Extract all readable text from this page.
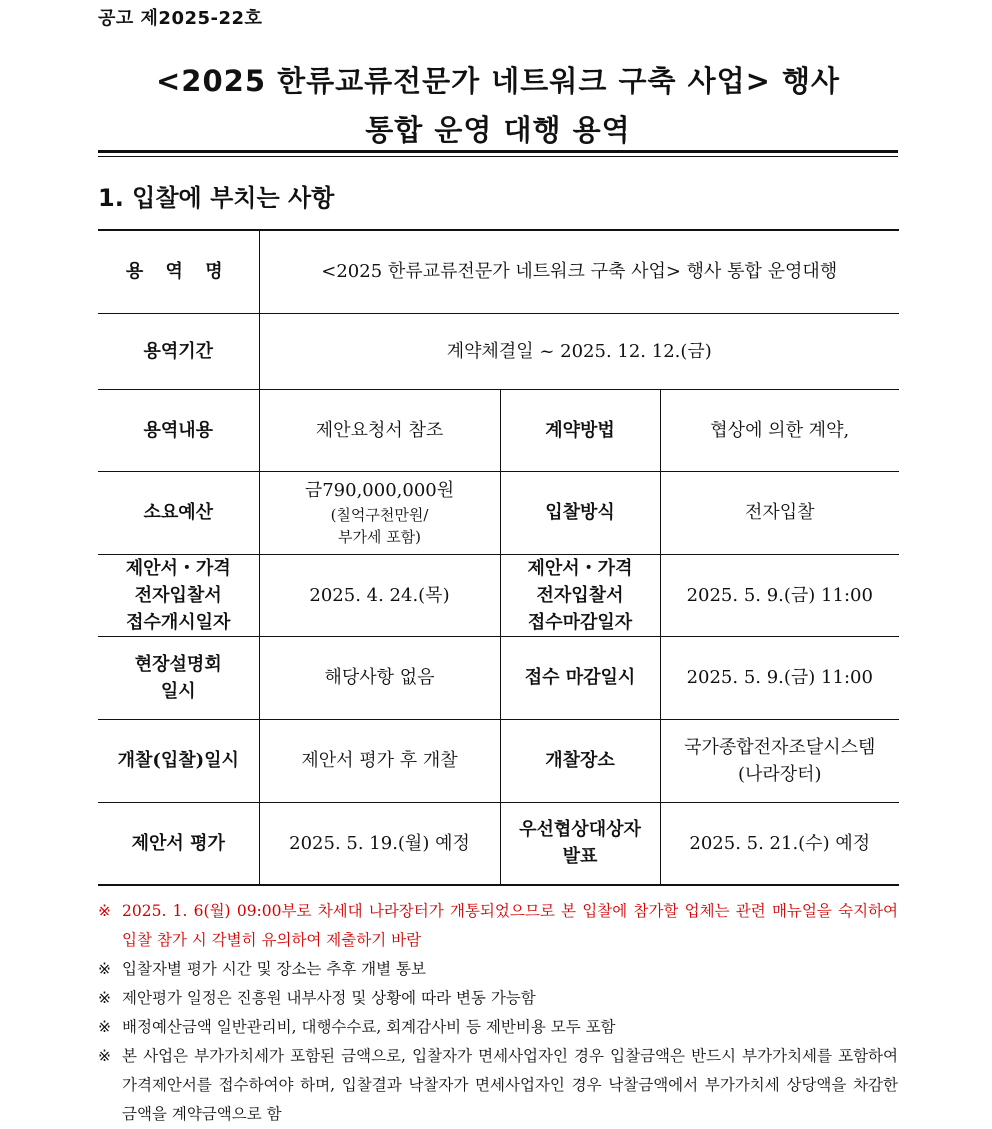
공고 제2025-22호
<2025 한류교류전문가 네트워크 구축 사업> 행사
통합 운영 대행 용역
1. 입찰에 부치는 사항
용 역 명	<2025 한류교류전문가 네트워크 구축 사업> 행사 통합 운영대행		
용역기간	계약체결일 ~ 2025. 12. 12.(금)		
용역내용	제안요청서 참조	계약방법	협상에 의한 계약,
소요예산	금790,000,000원
(칠억구천만원/
부가세 포함)	입찰방식	전자입찰

제안서・가격
전자입찰서
접수개시일자	2025. 4. 24.(목)	제안서・가격
전자입찰서
접수마감일자	2025. 5. 9.(금) 11:00

현장설명회
일시	해당사항 없음	접수 마감일시	2025. 5. 9.(금) 11:00
개찰(입찰)일시	제안서 평가 후 개찰	개찰장소	국가종합전자조달시스템
(나라장터)

제안서 평가	2025. 5. 19.(월) 예정	우선협상대상자
발표	2025. 5. 21.(수) 예정
※ 2025. 1. 6(월) 09:00부로 차세대 나라장터가 개통되었으므로 본 입찰에 참가할 업체는 관련 매뉴얼을 숙지하여 입찰 참가 시 각별히 유의하여 제출하기 바람
※ 입찰자별 평가 시간 및 장소는 추후 개별 통보
※ 제안평가 일정은 진흥원 내부사정 및 상황에 따라 변동 가능함
※ 배정예산금액 일반관리비, 대행수수료, 회계감사비 등 제반비용 모두 포함
※ 본 사업은 부가가치세가 포함된 금액으로, 입찰자가 면세사업자인 경우 입찰금액은 반드시 부가가치세를 포함하여 가격제안서를 접수하여야 하며, 입찰결과 낙찰자가 면세사업자인 경우 낙찰금액에서 부가가치세 상당액을 차감한 금액을 계약금액으로 함
